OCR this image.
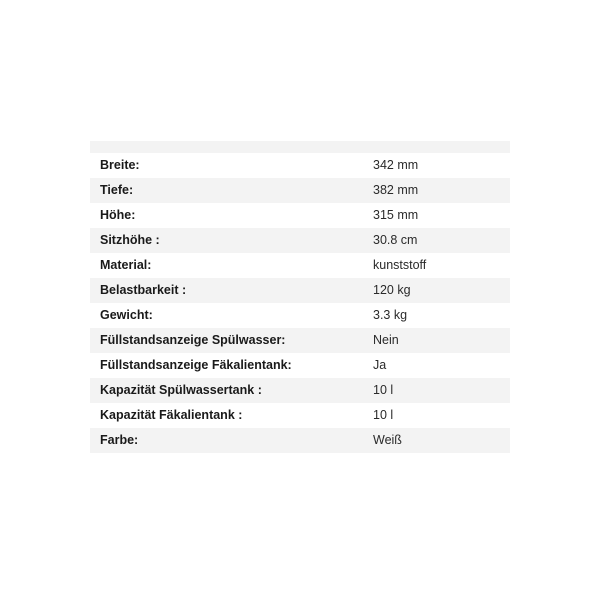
Breite:	342 mm
Tiefe:	382 mm
Höhe:	315 mm
Sitzhöhe :	30.8 cm
Material:	kunststoff
Belastbarkeit :	120 kg
Gewicht:	3.3 kg
Füllstandsanzeige Spülwasser:	Nein
Füllstandsanzeige Fäkalientank:	Ja
Kapazität Spülwassertank :	10 l
Kapazität Fäkalientank :	10 l
Farbe:	Weiß
